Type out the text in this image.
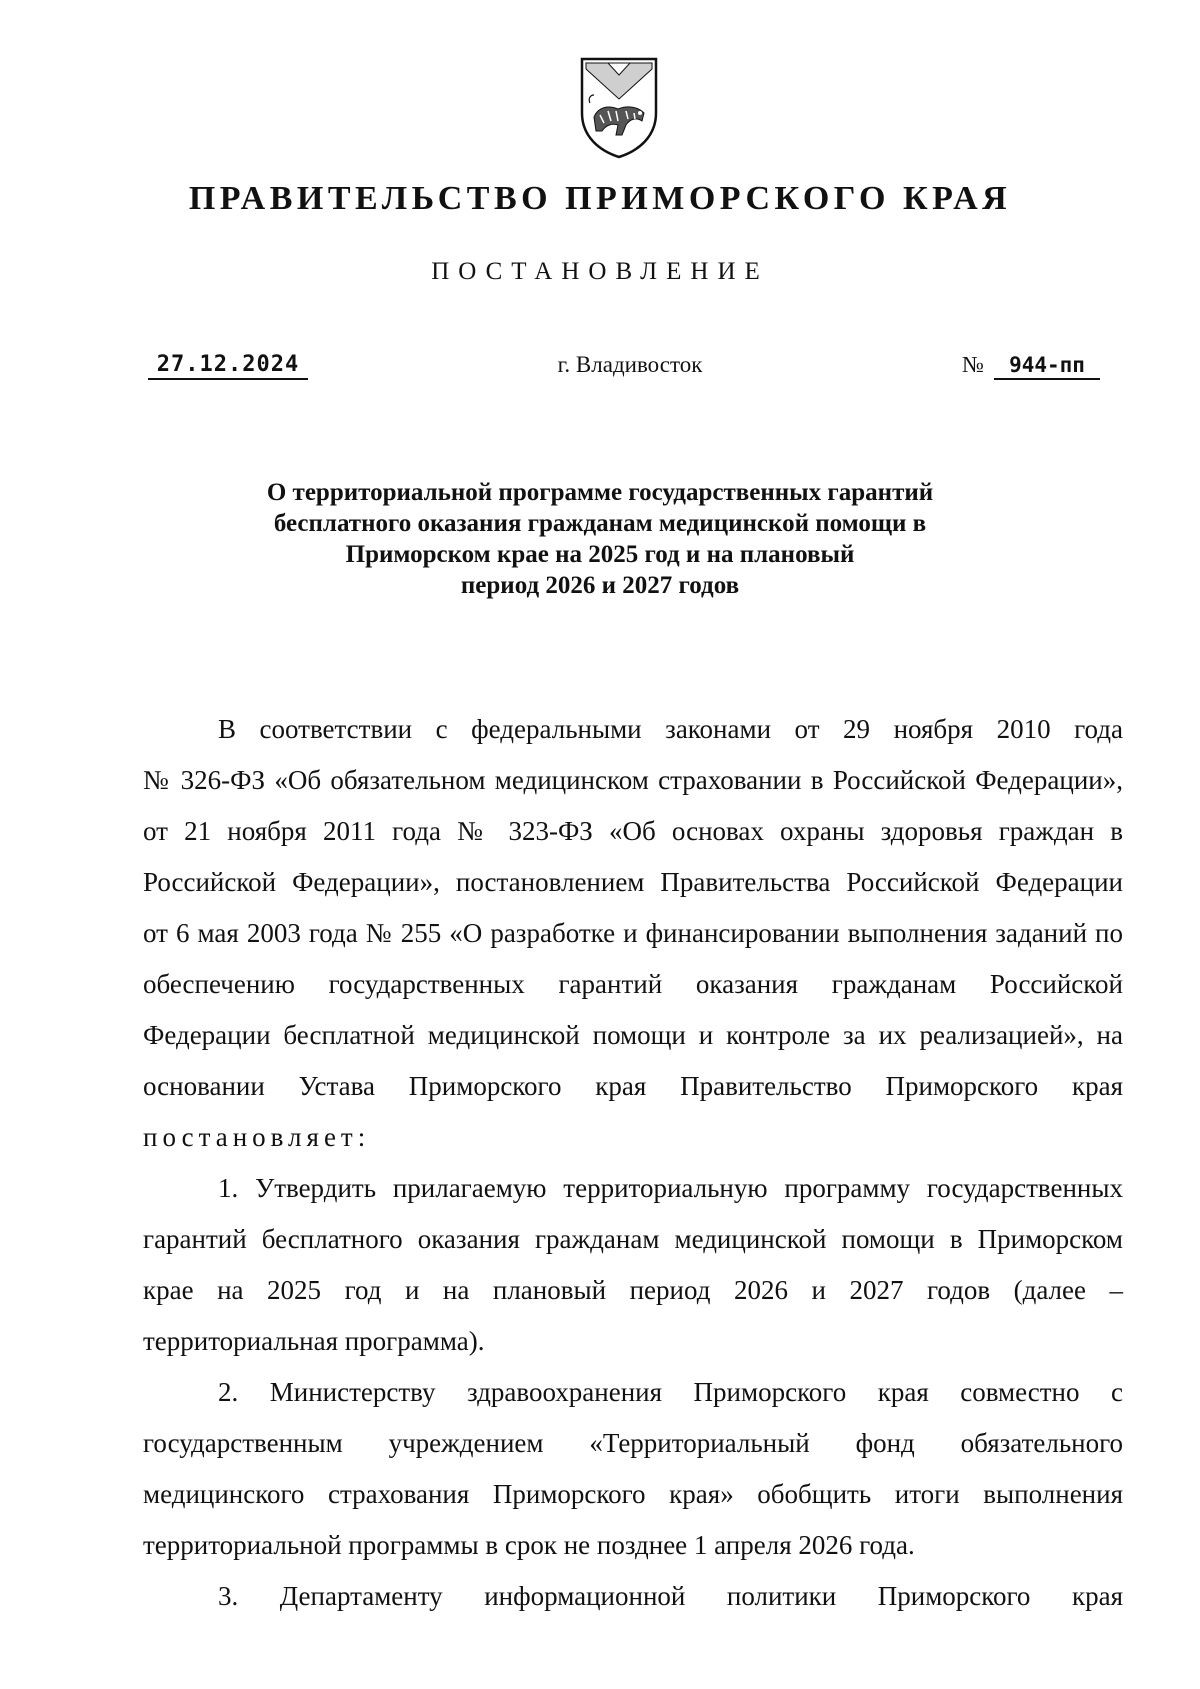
ПРАВИТЕЛЬСТВО ПРИМОРСКОГО КРАЯ
ПОСТАНОВЛЕНИЕ
27.12.2024	г. Владивосток	№	944-пп
О территориальной программе государственных гарантий
бесплатного оказания гражданам медицинской помощи в
Приморском крае на 2025 год и на плановый
период 2026 и 2027 годов
В соответствии с федеральными законами от 29 ноября 2010 года
№ 326-ФЗ «Об обязательном медицинском страховании в Российской Федерации»,
от 21 ноября 2011 года № 323-ФЗ «Об основах охраны здоровья граждан в
Российской Федерации», постановлением Правительства Российской Федерации
от 6 мая 2003 года № 255 «О разработке и финансировании выполнения заданий по
обеспечению государственных гарантий оказания гражданам Российской
Федерации бесплатной медицинской помощи и контроле за их реализацией», на
основании Устава Приморского края Правительство Приморского края
постановляет:
1. Утвердить прилагаемую территориальную программу государственных
гарантий бесплатного оказания гражданам медицинской помощи в Приморском
крае на 2025 год и на плановый период 2026 и 2027 годов (далее –
территориальная программа).
2. Министерству здравоохранения Приморского края совместно с
государственным учреждением «Территориальный фонд обязательного
медицинского страхования Приморского края» обобщить итоги выполнения
территориальной программы в срок не позднее 1 апреля 2026 года.
3. Департаменту информационной политики Приморского края
